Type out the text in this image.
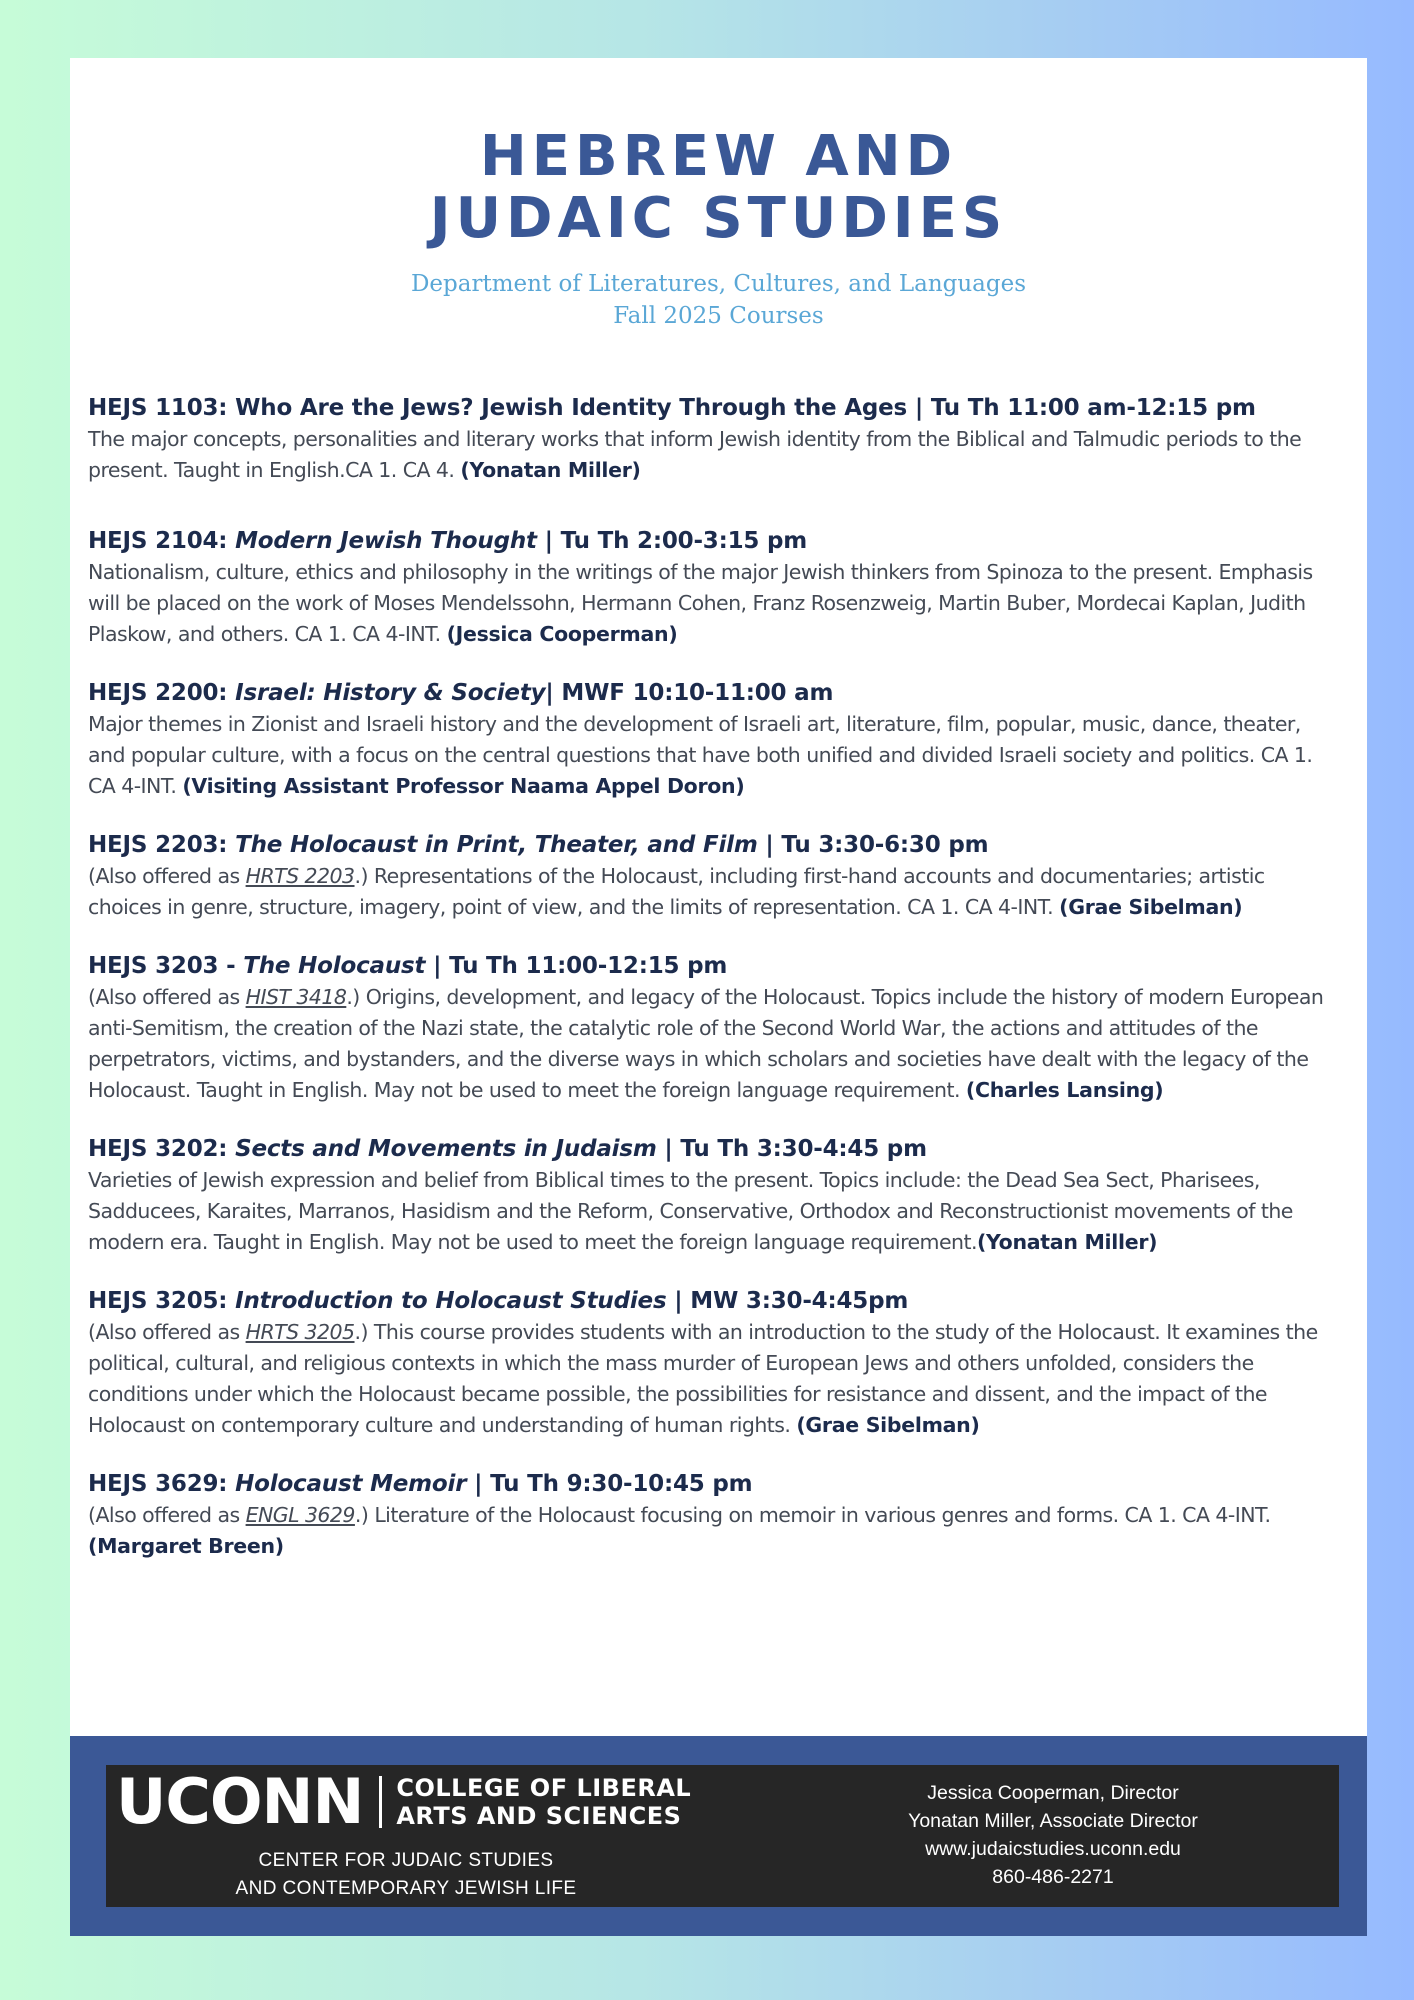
HEBREW AND
JUDAIC STUDIES
Department of Literatures, Cultures, and Languages
Fall 2025 Courses
HEJS 1103: Who Are the Jews? Jewish Identity Through the Ages | Tu Th 11:00 am-12:15 pm
The major concepts, personalities and literary works that inform Jewish identity from the Biblical and Talmudic periods to the present. Taught in English.CA 1. CA 4. (Yonatan Miller)
HEJS 2104: Modern Jewish Thought | Tu Th 2:00-3:15 pm
Nationalism, culture, ethics and philosophy in the writings of the major Jewish thinkers from Spinoza to the present. Emphasis will be placed on the work of Moses Mendelssohn, Hermann Cohen, Franz Rosenzweig, Martin Buber, Mordecai Kaplan, Judith Plaskow, and others. CA 1. CA 4-INT. (Jessica Cooperman)
HEJS 2200: Israel: History & Society| MWF 10:10-11:00 am
Major themes in Zionist and Israeli history and the development of Israeli art, literature, film, popular, music, dance, theater, and popular culture, with a focus on the central questions that have both unified and divided Israeli society and politics. CA 1. CA 4-INT. (Visiting Assistant Professor Naama Appel Doron)
HEJS 2203: The Holocaust in Print, Theater, and Film | Tu 3:30-6:30 pm
(Also offered as HRTS 2203.) Representations of the Holocaust, including first-hand accounts and documentaries; artistic choices in genre, structure, imagery, point of view, and the limits of representation. CA 1. CA 4-INT. (Grae Sibelman)
HEJS 3203 - The Holocaust | Tu Th 11:00-12:15 pm
(Also offered as HIST 3418.) Origins, development, and legacy of the Holocaust. Topics include the history of modern European anti-Semitism, the creation of the Nazi state, the catalytic role of the Second World War, the actions and attitudes of the perpetrators, victims, and bystanders, and the diverse ways in which scholars and societies have dealt with the legacy of the Holocaust. Taught in English. May not be used to meet the foreign language requirement. (Charles Lansing)
HEJS 3202: Sects and Movements in Judaism | Tu Th 3:30-4:45 pm
Varieties of Jewish expression and belief from Biblical times to the present. Topics include: the Dead Sea Sect, Pharisees, Sadducees, Karaites, Marranos, Hasidism and the Reform, Conservative, Orthodox and Reconstructionist movements of the modern era. Taught in English. May not be used to meet the foreign language requirement.(Yonatan Miller)
HEJS 3205: Introduction to Holocaust Studies | MW 3:30-4:45pm
(Also offered as HRTS 3205.) This course provides students with an introduction to the study of the Holocaust. It examines the political, cultural, and religious contexts in which the mass murder of European Jews and others unfolded, considers the conditions under which the Holocaust became possible, the possibilities for resistance and dissent, and the impact of the Holocaust on contemporary culture and understanding of human rights. (Grae Sibelman)
HEJS 3629: Holocaust Memoir | Tu Th 9:30-10:45 pm
(Also offered as ENGL 3629.) Literature of the Holocaust focusing on memoir in various genres and forms. CA 1. CA 4-INT. (Margaret Breen)
UCONN COLLEGE OF LIBERAL
ARTS AND SCIENCES
CENTER FOR JUDAIC STUDIES
AND CONTEMPORARY JEWISH LIFE
Jessica Cooperman, Director
Yonatan Miller, Associate Director
www.judaicstudies.uconn.edu
860-486-2271
